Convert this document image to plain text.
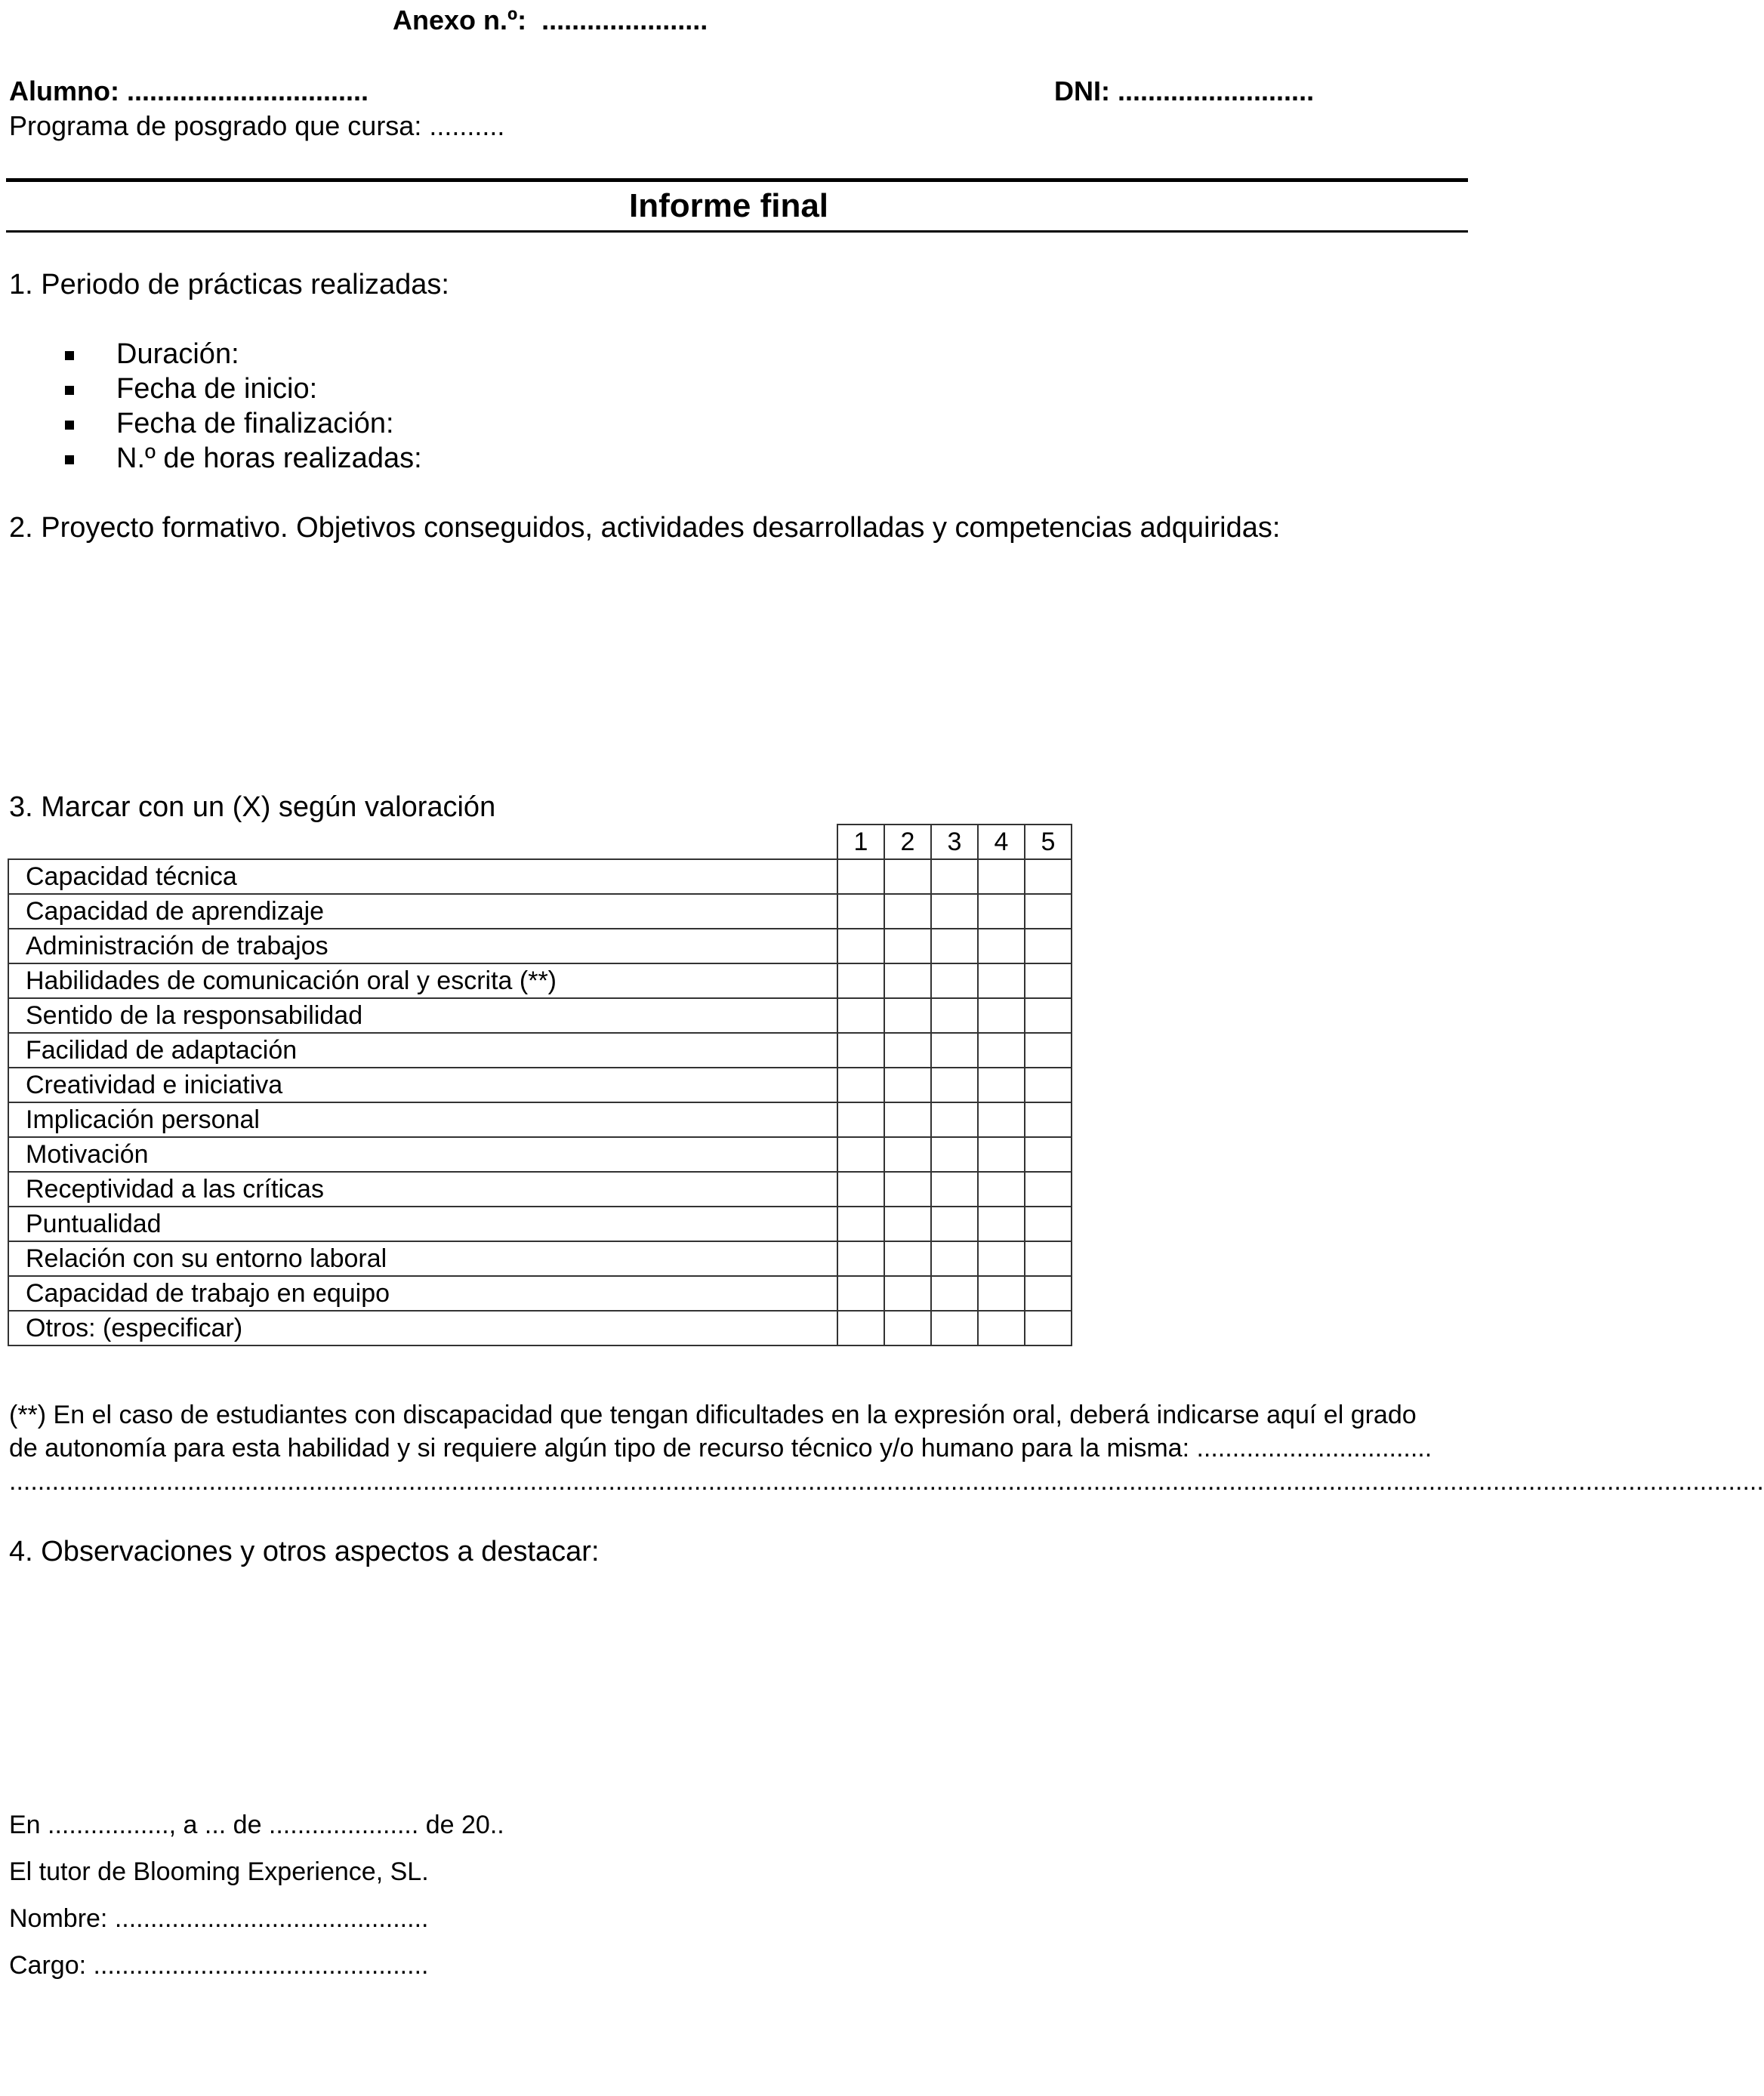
Anexo n.º: ......................
Alumno: ................................	DNI: ..........................
Programa de posgrado que cursa: ..........
Informe final
1. Periodo de prácticas realizadas:
Duración:
Fecha de inicio:
Fecha de finalización:
N.º de horas realizadas:
2. Proyecto formativo. Objetivos conseguidos, actividades desarrolladas y competencias adquiridas:
3. Marcar con un (X) según valoración
	1	2	3	4	5
Capacidad técnica					
Capacidad de aprendizaje					
Administración de trabajos					
Habilidades de comunicación oral y escrita (**)					
Sentido de la responsabilidad					
Facilidad de adaptación					
Creatividad e iniciativa					
Implicación personal					
Motivación					
Receptividad a las críticas					
Puntualidad					
Relación con su entorno laboral					
Capacidad de trabajo en equipo					
Otros: (especificar)					
(**) En el caso de estudiantes con discapacidad que tengan dificultades en la expresión oral, deberá indicarse aquí el grado
de autonomía para esta habilidad y si requiere algún tipo de recurso técnico y/o humano para la misma: .................................
......................................................................................................................................................................................................................................................
4. Observaciones y otros aspectos a destacar:
En ................., a ... de ..................... de 20..
El tutor de Blooming Experience, SL.
Nombre: ............................................
Cargo: ...............................................
